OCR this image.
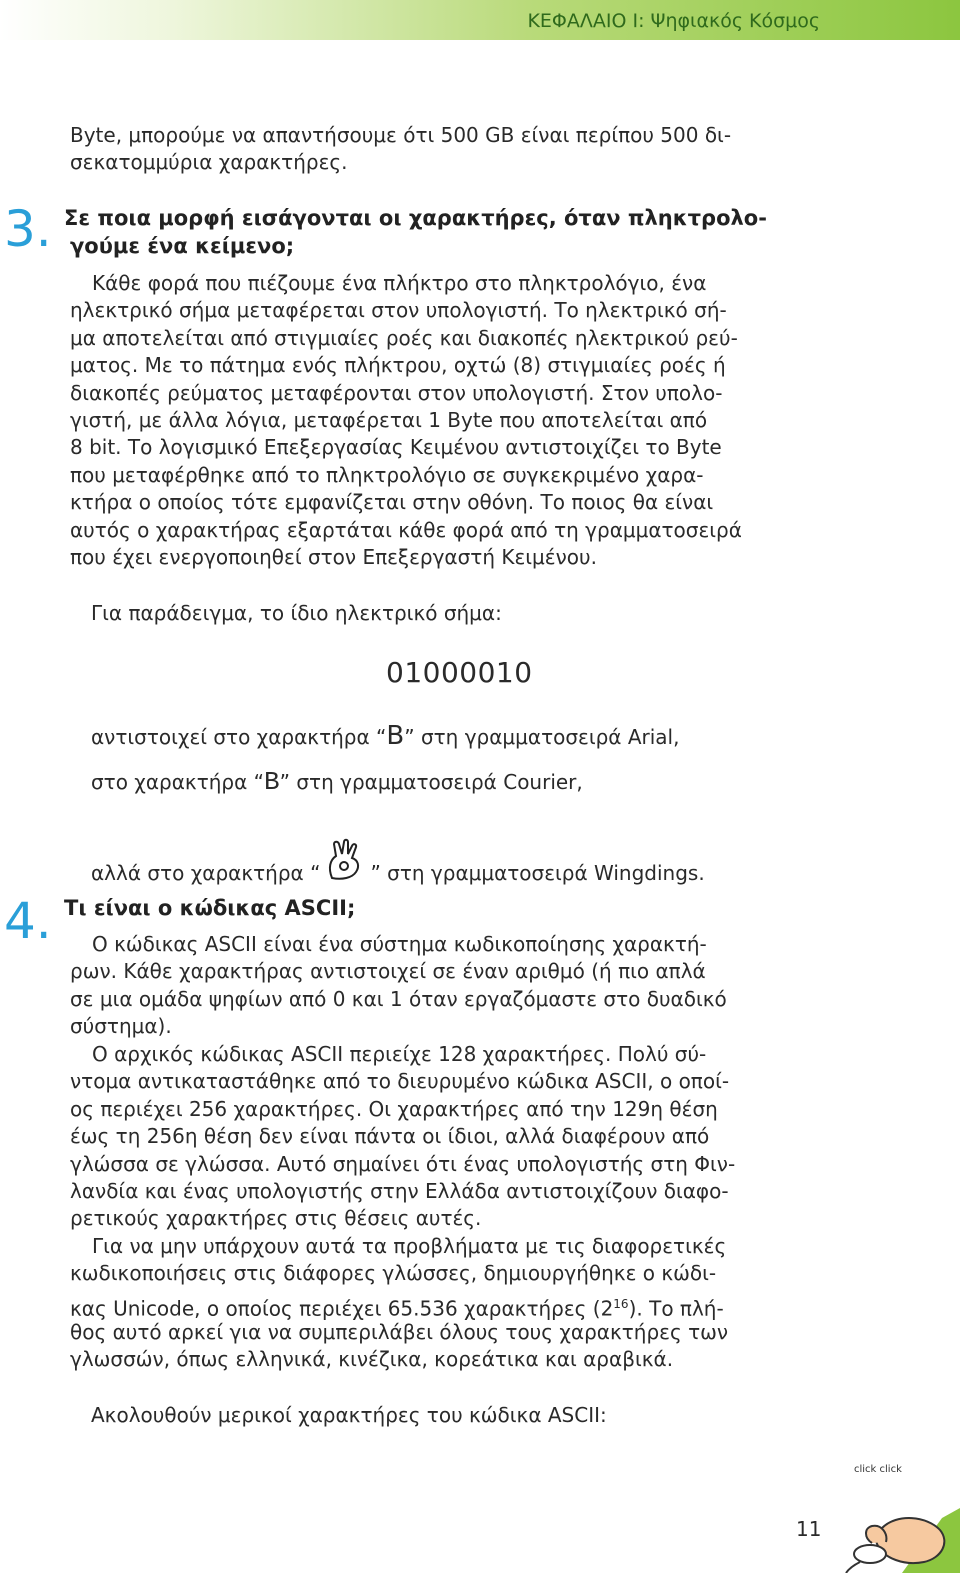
ΚΕΦΑΛΑΙΟ Ι: Ψηφιακός Κόσμος

Byte, μπορούμε να απαντήσουμε ότι 500 GB είναι περίπου 500 δι-

σεκατομμύρια χαρακτήρες.

3. Σε ποια μορφή εισάγονται οι χαρακτήρες, όταν πληκτρολο-
γούμε ένα κείμενο;

Κάθε φορά που πιέζουμε ένα πλήκτρο στο πληκτρολόγιο, ένα

ηλεκτρικό σήμα μεταφέρεται στον υπολογιστή. Το ηλεκτρικό σή-

μα αποτελείται από στιγμιαίες ροές και διακοπές ηλεκτρικού ρεύ-

ματος. Με το πάτημα ενός πλήκτρου, οχτώ (8) στιγμιαίες ροές ή

διακοπές ρεύματος μεταφέρονται στον υπολογιστή. Στον υπολο-

γιστή, με άλλα λόγια, μεταφέρεται 1 Byte που αποτελείται από

8 bit. Το λογισμικό Επεξεργασίας Κειμένου αντιστοιχίζει το Byte

που μεταφέρθηκε από το πληκτρολόγιο σε συγκεκριμένο χαρα-

κτήρα ο οποίος τότε εμφανίζεται στην οθόνη. Το ποιος θα είναι

αυτός ο χαρακτήρας εξαρτάται κάθε φορά από τη γραμματοσειρά

που έχει ενεργοποιηθεί στον Επεξεργαστή Κειμένου.

Για παράδειγμα, το ίδιο ηλεκτρικό σήμα:
01000010
αντιστοιχεί στο χαρακτήρα “B” στη γραμματοσειρά Arial,
στο χαρακτήρα “B” στη γραμματοσειρά Courier,
αλλά στο χαρακτήρα “	” στη γραμματοσειρά Wingdings.
4. Τι είναι ο κώδικας ASCII;

Ο κώδικας ASCII είναι ένα σύστημα κωδικοποίησης χαρακτή-

ρων. Κάθε χαρακτήρας αντιστοιχεί σε έναν αριθμό (ή πιο απλά

σε μια ομάδα ψηφίων από 0 και 1 όταν εργαζόμαστε στο δυαδικό

σύστημα).

Ο αρχικός κώδικας ASCII περιείχε 128 χαρακτήρες. Πολύ σύ-

ντομα αντικαταστάθηκε από το διευρυμένο κώδικα ASCII, ο οποί-

ος περιέχει 256 χαρακτήρες. Οι χαρακτήρες από την 129η θέση

έως τη 256η θέση δεν είναι πάντα οι ίδιοι, αλλά διαφέρουν από

γλώσσα σε γλώσσα. Αυτό σημαίνει ότι ένας υπολογιστής στη Φιν-

λανδία και ένας υπολογιστής στην Ελλάδα αντιστοιχίζουν διαφο-

ρετικούς χαρακτήρες στις θέσεις αυτές.

Για να μην υπάρχουν αυτά τα προβλήματα με τις διαφορετικές

κωδικοποιήσεις στις διάφορες γλώσσες, δημιουργήθηκε ο κώδι-

κας Unicode, ο οποίος περιέχει 65.536 χαρακτήρες $(2^{16})$. Το πλή-

θος αυτό αρκεί για να συμπεριλάβει όλους τους χαρακτήρες των

γλωσσών, όπως ελληνικά, κινέζικα, κορεάτικα και αραβικά.

Ακολουθούν μερικοί χαρακτήρες του κώδικα ASCII:
11
click click
